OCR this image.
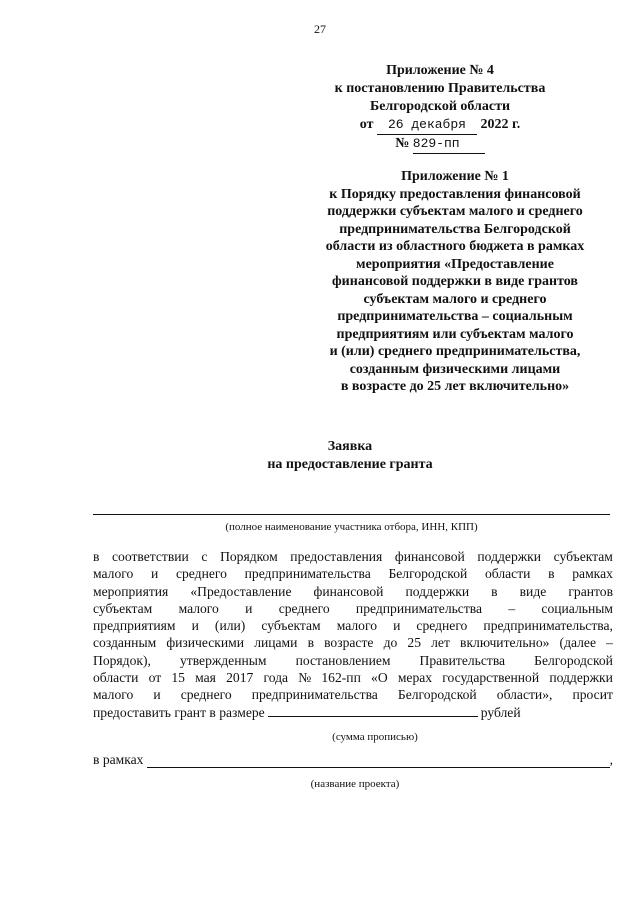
27
Приложение № 4
к постановлению Правительства
Белгородской области
от 26 декабря 2022 г.
№ 829-пп
Приложение № 1
к Порядку предоставления финансовой
поддержки субъектам малого и среднего
предпринимательства Белгородской
области из областного бюджета в рамках
мероприятия «Предоставление
финансовой поддержки в виде грантов
субъектам малого и среднего
предпринимательства – социальным
предприятиям или субъектам малого
и (или) среднего предпринимательства,
созданным физическими лицами
в возрасте до 25 лет включительно»
Заявка
на предоставление гранта
(полное наименование участника отбора, ИНН, КПП)
в соответствии с Порядком предоставления финансовой поддержки субъектам
малого и среднего предпринимательства Белгородской области в рамках
мероприятия «Предоставление финансовой поддержки в виде грантов
субъектам малого и среднего предпринимательства – социальным
предприятиям и (или) субъектам малого и среднего предпринимательства,
созданным физическими лицами в возрасте до 25 лет включительно» (далее –
Порядок), утвержденным постановлением Правительства Белгородской
области от 15 мая 2017 года № 162-пп «О мерах государственной поддержки
малого и среднего предпринимательства Белгородской области», просит
предоставить грант в размере	рублей
(сумма прописью)
в рамках	,
(название проекта)
